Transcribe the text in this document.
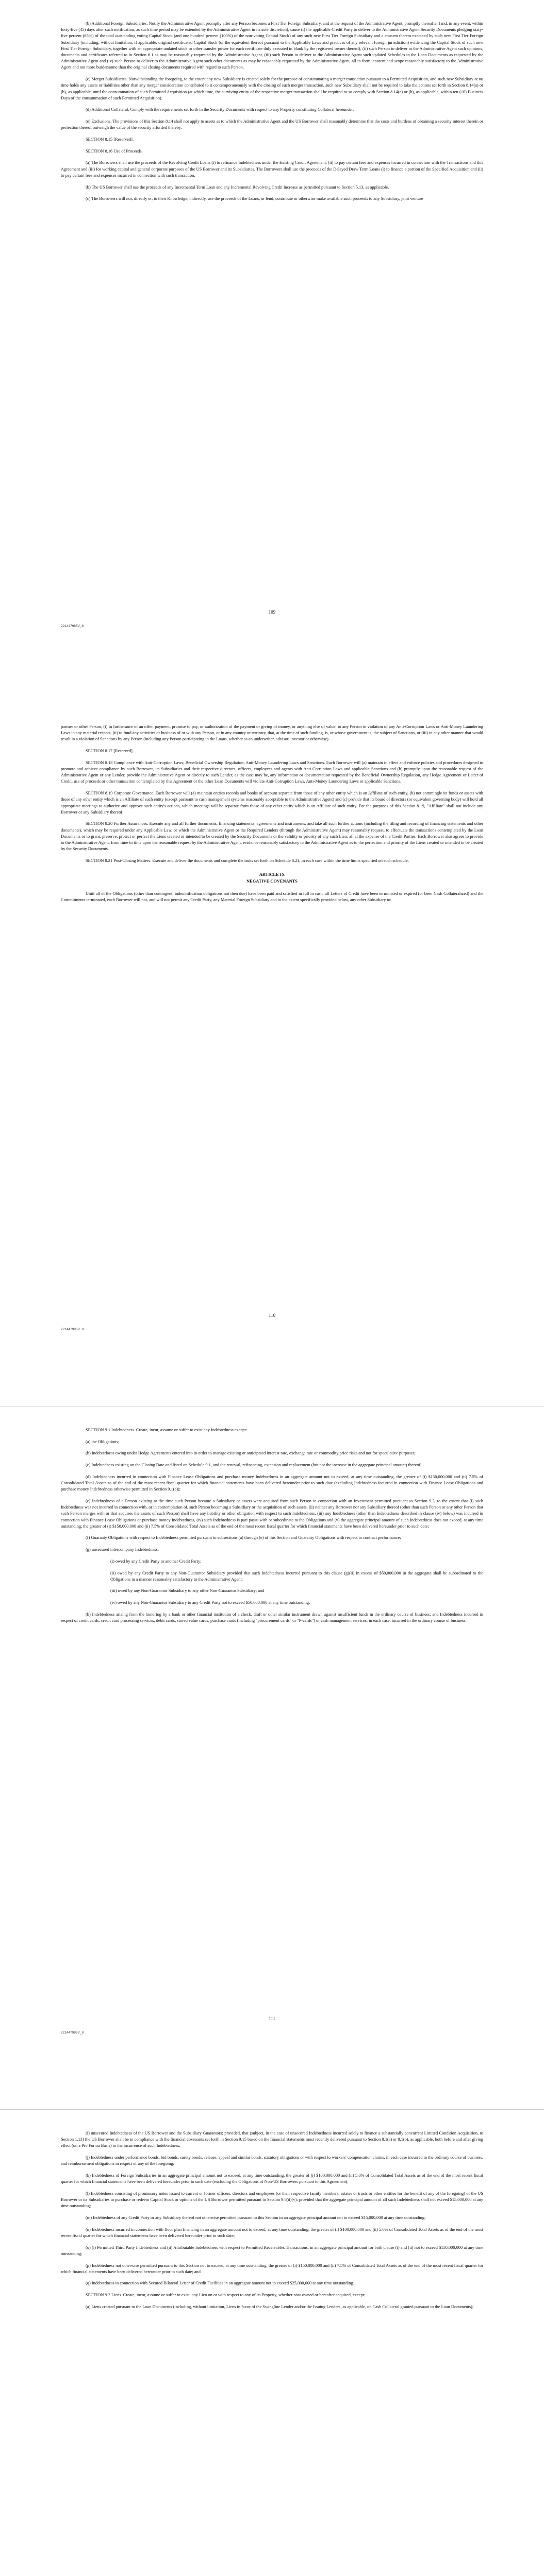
(b) Additional Foreign Subsidiaries. Notify the Administrative Agent promptly after any Person becomes a First Tier Foreign Subsidiary, and at the request of the Administrative Agent, promptly thereafter (and, in any event, within forty-five (45) days after such notification, as such time period may be extended by the Administrative Agent in its sole discretion), cause (i) the applicable Credit Party to deliver to the Administrative Agent Security Documents pledging sixty-five percent (65%) of the total outstanding voting Capital Stock (and one hundred percent (100%) of the non-voting Capital Stock) of any such new First Tier Foreign Subsidiary and a consent thereto executed by such new First Tier Foreign Subsidiary (including, without limitation, if applicable, original certificated Capital Stock (or the equivalent thereof pursuant to the Applicable Laws and practices of any relevant foreign jurisdiction) evidencing the Capital Stock of such new First Tier Foreign Subsidiary, together with an appropriate undated stock or other transfer power for each certificate duly executed in blank by the registered owner thereof), (ii) such Person to deliver to the Administrative Agent such opinions, documents and certificates referred to in Section 6.1 as may be reasonably requested by the Administrative Agent, (iii) such Person to deliver to the Administrative Agent such updated Schedules to the Loan Documents as requested by the Administrative Agent and (iv) such Person to deliver to the Administrative Agent such other documents as may be reasonably requested by the Administrative Agent, all in form, content and scope reasonably satisfactory to the Administrative Agent and not more burdensome than the original closing documents required with regard to such Person.

(c) Merger Subsidiaries. Notwithstanding the foregoing, to the extent any new Subsidiary is created solely for the purpose of consummating a merger transaction pursuant to a Permitted Acquisition, and such new Subsidiary at no time holds any assets or liabilities other than any merger consideration contributed to it contemporaneously with the closing of such merger transaction, such new Subsidiary shall not be required to take the actions set forth in Section 8.14(a) or (b), as applicable, until the consummation of such Permitted Acquisition (at which time, the surviving entity of the respective merger transaction shall be required to so comply with Section 8.14(a) or (b), as applicable, within ten (10) Business Days of the consummation of such Permitted Acquisition).

(d) Additional Collateral. Comply with the requirements set forth in the Security Documents with respect to any Property constituting Collateral hereunder.

(e) Exclusions. The provisions of this Section 8.14 shall not apply to assets as to which the Administrative Agent and the US Borrower shall reasonably determine that the costs and burdens of obtaining a security interest therein or perfection thereof outweigh the value of the security afforded thereby.

SECTION 8.15 [Reserved].

SECTION 8.16 Use of Proceeds.

(a) The Borrowers shall use the proceeds of the Revolving Credit Loans (i) to refinance Indebtedness under the Existing Credit Agreement, (ii) to pay certain fees and expenses incurred in connection with the Transactions and this Agreement and (iii) for working capital and general corporate purposes of the US Borrower and its Subsidiaries. The Borrowers shall use the proceeds of the Delayed Draw Term Loans (i) to finance a portion of the Specified Acquisition and (ii) to pay certain fees and expenses incurred in connection with such transaction.

(b) The US Borrower shall use the proceeds of any Incremental Term Loan and any Incremental Revolving Credit Increase as permitted pursuant to Section 5.13, as applicable.

(c) The Borrowers will not, directly or, to their Knowledge, indirectly, use the proceeds of the Loans, or lend, contribute or otherwise make available such proceeds to any Subsidiary, joint venture

109
221447986V_8

partner or other Person, (i) in furtherance of an offer, payment, promise to pay, or authorization of the payment or giving of money, or anything else of value, to any Person in violation of any Anti-Corruption Laws or Anti-Money Laundering Laws in any material respect, (ii) to fund any activities or business of or with any Person, or in any country or territory, that, at the time of such funding, is, or whose government is, the subject of Sanctions, or (iii) in any other manner that would result in a violation of Sanctions by any Person (including any Person participating in the Loans, whether as an underwriter, advisor, investor or otherwise).

SECTION 8.17 [Reserved].

SECTION 8.18 Compliance with Anti-Corruption Laws; Beneficial Ownership Regulation; Anti-Money Laundering Laws and Sanctions. Each Borrower will (a) maintain in effect and enforce policies and procedures designed to promote and achieve compliance by such Borrower, its Subsidiaries and their respective directors, officers, employees and agents with Anti-Corruption Laws and applicable Sanctions and (b) promptly upon the reasonable request of the Administrative Agent or any Lender, provide the Administrative Agent or directly to such Lender, as the case may be, any information or documentation requested by the Beneficial Ownership Regulation, any Hedge Agreement or Letter of Credit, use of proceeds or other transaction contemplated by this Agreement or the other Loan Documents will violate Anti-Corruption Laws, Anti-Money Laundering Laws or applicable Sanctions.

SECTION 8.19 Corporate Governance. Each Borrower will (a) maintain entries records and books of account separate from those of any other entity which is an Affiliate of such entity, (b) not commingle its funds or assets with those of any other entity which is an Affiliate of such entity (except pursuant to cash management systems reasonably acceptable to the Administrative Agent) and (c) provide that its board of directors (or equivalent governing body) will hold all appropriate meetings to authorize and approve such entity's actions, which meetings will be separate from those of any other entity which is an Affiliate of such entity. For the purposes of this Section 8.19, "Affiliate" shall not include any Borrower or any Subsidiary thereof.

SECTION 8.20 Further Assurances. Execute any and all further documents, financing statements, agreements and instruments, and take all such further actions (including the filing and recording of financing statements and other documents), which may be required under any Applicable Law, or which the Administrative Agent or the Required Lenders (through the Administrative Agent) may reasonably request, to effectuate the transactions contemplated by the Loan Documents or to grant, preserve, protect or perfect the Liens created or intended to be created by the Security Documents or the validity or priority of any such Lien, all at the expense of the Credit Parties. Each Borrower also agrees to provide to the Administrative Agent, from time to time upon the reasonable request by the Administrative Agent, evidence reasonably satisfactory to the Administrative Agent as to the perfection and priority of the Liens created or intended to be created by the Security Documents.

SECTION 8.21 Post-Closing Matters. Execute and deliver the documents and complete the tasks set forth on Schedule 8.21, in each case within the time limits specified on such schedule.

ARTICLE IX
NEGATIVE COVENANTS

Until all of the Obligations (other than contingent, indemnification obligations not then due) have been paid and satisfied in full in cash, all Letters of Credit have been terminated or expired (or been Cash Collateralized) and the Commitments terminated, each Borrower will not, and will not permit any Credit Party, any Material Foreign Subsidiary and to the extent specifically provided below, any other Subsidiary to:

110
221447986V_8

SECTION 9.1 Indebtedness. Create, incur, assume or suffer to exist any Indebtedness except:

(a) the Obligations;

(b) Indebtedness owing under Hedge Agreements entered into in order to manage existing or anticipated interest rate, exchange rate or commodity price risks and not for speculative purposes;

(c) Indebtedness existing on the Closing Date and listed on Schedule 9.1, and the renewal, refinancing, extension and replacement (but not the increase in the aggregate principal amount) thereof;

(d) Indebtedness incurred in connection with Finance Lease Obligations and purchase money Indebtedness in an aggregate amount not to exceed, at any time outstanding, the greater of (i) $150,000,000 and (ii) 7.5% of Consolidated Total Assets as of the end of the most recent fiscal quarter for which financial statements have been delivered hereunder prior to such date (excluding Indebtedness incurred in connection with Finance Lease Obligations and purchase money Indebtedness otherwise permitted in Section 9.1(e));

(e) Indebtedness of a Person existing at the time such Person became a Subsidiary or assets were acquired from such Person in connection with an Investment permitted pursuant to Section 9.3, to the extent that (i) such Indebtedness was not incurred in connection with, or in contemplation of, such Person becoming a Subsidiary or the acquisition of such assets, (ii) neither any Borrower nor any Subsidiary thereof (other than such Person or any other Person that such Person merges with or that acquires the assets of such Person) shall have any liability or other obligation with respect to such Indebtedness, (iii) any Indebtedness (other than Indebtedness described in clause (iv) below) was incurred in connection with Finance Lease Obligations or purchase money Indebtedness, (iv) such Indebtedness is pari passu with or subordinate to the Obligations and (v) the aggregate principal amount of such Indebtedness does not exceed, at any time outstanding, the greater of (i) $150,000,000 and (ii) 7.5% of Consolidated Total Assets as of the end of the most recent fiscal quarter for which financial statements have been delivered hereunder prior to such date;

(f) Guaranty Obligations with respect to Indebtedness permitted pursuant to subsections (a) through (e) of this Section and Guaranty Obligations with respect to contract performance;

(g) unsecured intercompany Indebtedness:

(i) owed by any Credit Party to another Credit Party;

(ii) owed by any Credit Party to any Non-Guarantor Subsidiary provided that such Indebtedness incurred pursuant to this clause (g)(ii) in excess of $50,000,000 in the aggregate shall be subordinated to the Obligations in a manner reasonably satisfactory to the Administrative Agent;

(iii) owed by any Non-Guarantor Subsidiary to any other Non-Guarantor Subsidiary; and

(iv) owed by any Non-Guarantor Subsidiary to any Credit Party not to exceed $50,000,000 at any time outstanding;

(h) Indebtedness arising from the honoring by a bank or other financial institution of a check, draft or other similar instrument drawn against insufficient funds in the ordinary course of business; and Indebtedness incurred in respect of credit cards, credit card processing services, debit cards, stored value cards, purchase cards (including "procurement cards" or "P-cards") or cash management services, in each case, incurred in the ordinary course of business;

111
221447986V_8

(i) unsecured Indebtedness of the US Borrower and the Subsidiary Guarantors; provided, that (subject, in the case of unsecured Indebtedness incurred solely to finance a substantially concurrent Limited Condition Acquisition, to Section 1.13) the US Borrower shall be in compliance with the financial covenants set forth in Section 9.15 based on the financial statements most recently delivered pursuant to Section 8.1(a) or 8.1(b), as applicable, both before and after giving effect (on a Pro Forma Basis) to the incurrence of such Indebtedness;

(j) Indebtedness under performance bonds, bid bonds, surety bonds, release, appeal and similar bonds, statutory obligations or with respect to workers' compensation claims, in each case incurred in the ordinary course of business, and reimbursement obligations in respect of any of the foregoing;

(k) Indebtedness of Foreign Subsidiaries in an aggregate principal amount not to exceed, at any time outstanding, the greater of (i) $100,000,000 and (ii) 5.0% of Consolidated Total Assets as of the end of the most recent fiscal quarter for which financial statements have been delivered hereunder prior to such date (excluding the Obligations of Non-US Borrowers pursuant to this Agreement);

(l) Indebtedness consisting of promissory notes issued to current or former officers, directors and employees (or their respective family members, estates or trusts or other entities for the benefit of any of the foregoing) of the US Borrower or its Subsidiaries to purchase or redeem Capital Stock or options of the US Borrower permitted pursuant to Section 9.6(d)(v); provided that the aggregate principal amount of all such Indebtedness shall not exceed $15,000,000 at any time outstanding;

(m) Indebtedness of any Credit Party or any Subsidiary thereof not otherwise permitted pursuant to this Section in an aggregate principal amount not to exceed $15,000,000 at any time outstanding;

(n) Indebtedness incurred in connection with floor plan financing in an aggregate amount not to exceed, at any time outstanding, the greater of (i) $100,000,000 and (ii) 5.0% of Consolidated Total Assets as of the end of the most recent fiscal quarter for which financial statements have been delivered hereunder prior to such date;

(o) (i) Permitted Third Party Indebtedness and (ii) Attributable Indebtedness with respect to Permitted Receivables Transactions, in an aggregate principal amount for both clause (i) and (ii) not to exceed $150,000,000 at any time outstanding;

(p) Indebtedness not otherwise permitted pursuant to this Section not to exceed, at any time outstanding, the greater of (i) $150,000,000 and (ii) 7.5% of Consolidated Total Assets as of the end of the most recent fiscal quarter for which financial statements have been delivered hereunder prior to such date; and

(q) Indebtedness in connection with Secured Bilateral Letter of Credit Facilities in an aggregate amount not to exceed $25,000,000 at any time outstanding.

SECTION 9.2 Liens. Create, incur, assume or suffer to exist, any Lien on or with respect to any of its Property, whether now owned or hereafter acquired, except:

(a) Liens created pursuant to the Loan Documents (including, without limitation, Liens in favor of the Swingline Lender and/or the Issuing Lenders, as applicable, on Cash Collateral granted pursuant to the Loan Documents);
